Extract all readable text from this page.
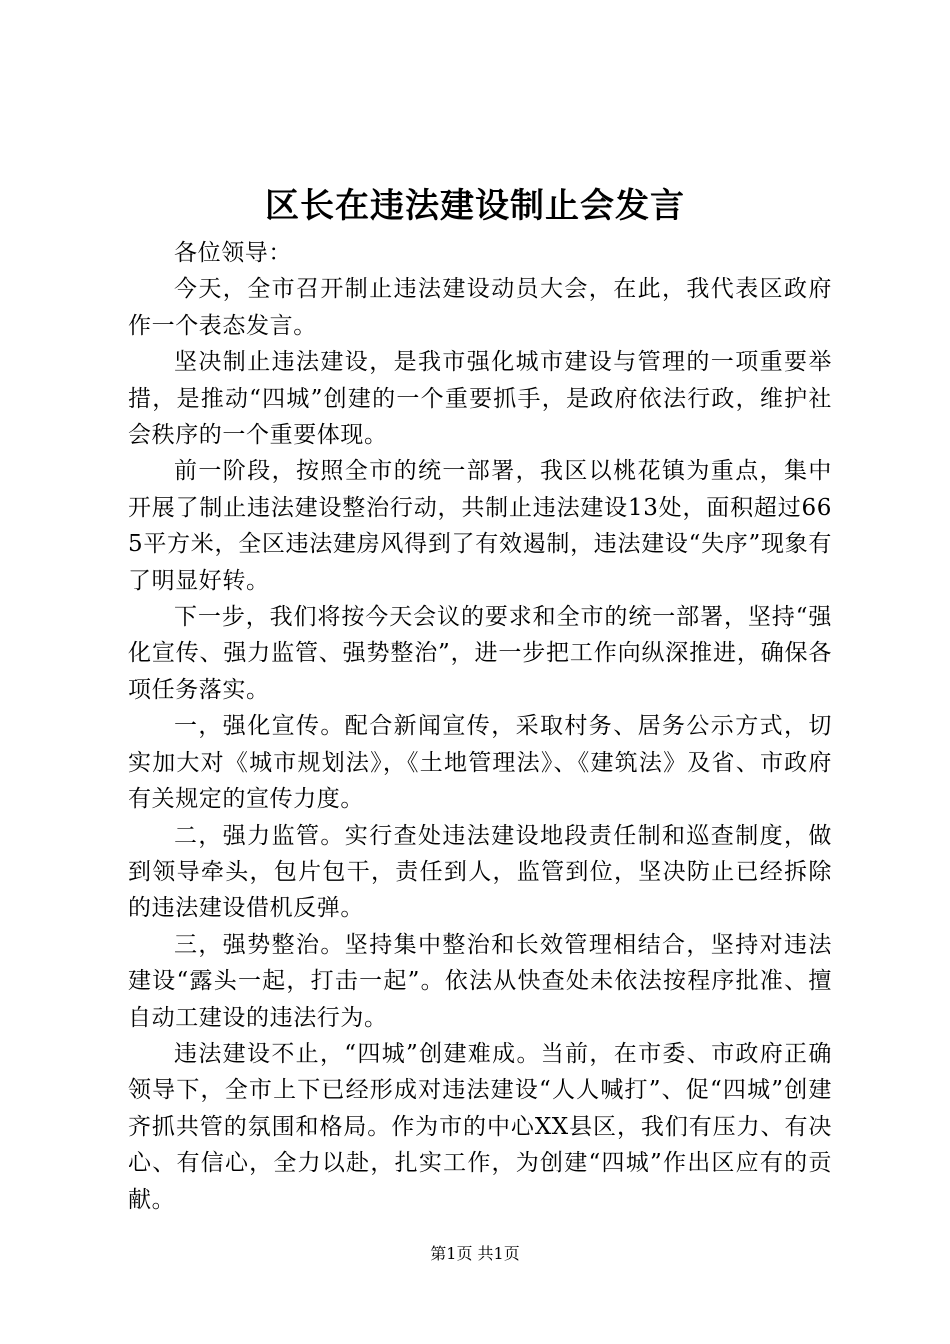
区长在违法建设制止会发言

各位领导：

今天，全市召开制止违法建设动员大会，在此，我代表区政府作一个表态发言。

坚决制止违法建设，是我市强化城市建设与管理的一项重要举措，是推动“四城”创建的一个重要抓手，是政府依法行政，维护社会秩序的一个重要体现。

前一阶段，按照全市的统一部署，我区以桃花镇为重点，集中开展了制止违法建设整治行动，共制止违法建设13处，面积超过665平方米，全区违法建房风得到了有效遏制，违法建设“失序”现象有了明显好转。

下一步，我们将按今天会议的要求和全市的统一部署，坚持“强化宣传、强力监管、强势整治”，进一步把工作向纵深推进，确保各项任务落实。

一，强化宣传。配合新闻宣传，采取村务、居务公示方式，切实加大对《城市规划法》，《土地管理法》、《建筑法》及省、市政府有关规定的宣传力度。

二，强力监管。实行查处违法建设地段责任制和巡查制度，做到领导牵头，包片包干，责任到人，监管到位，坚决防止已经拆除的违法建设借机反弹。

三，强势整治。坚持集中整治和长效管理相结合，坚持对违法建设“露头一起，打击一起”。依法从快查处未依法按程序批准、擅自动工建设的违法行为。

违法建设不止，“四城”创建难成。当前，在市委、市政府正确领导下，全市上下已经形成对违法建设“人人喊打”、促“四城”创建齐抓共管的氛围和格局。作为市的中心XX县区，我们有压力、有决心、有信心，全力以赴，扎实工作，为创建“四城”作出区应有的贡献。

第1页 共1页
